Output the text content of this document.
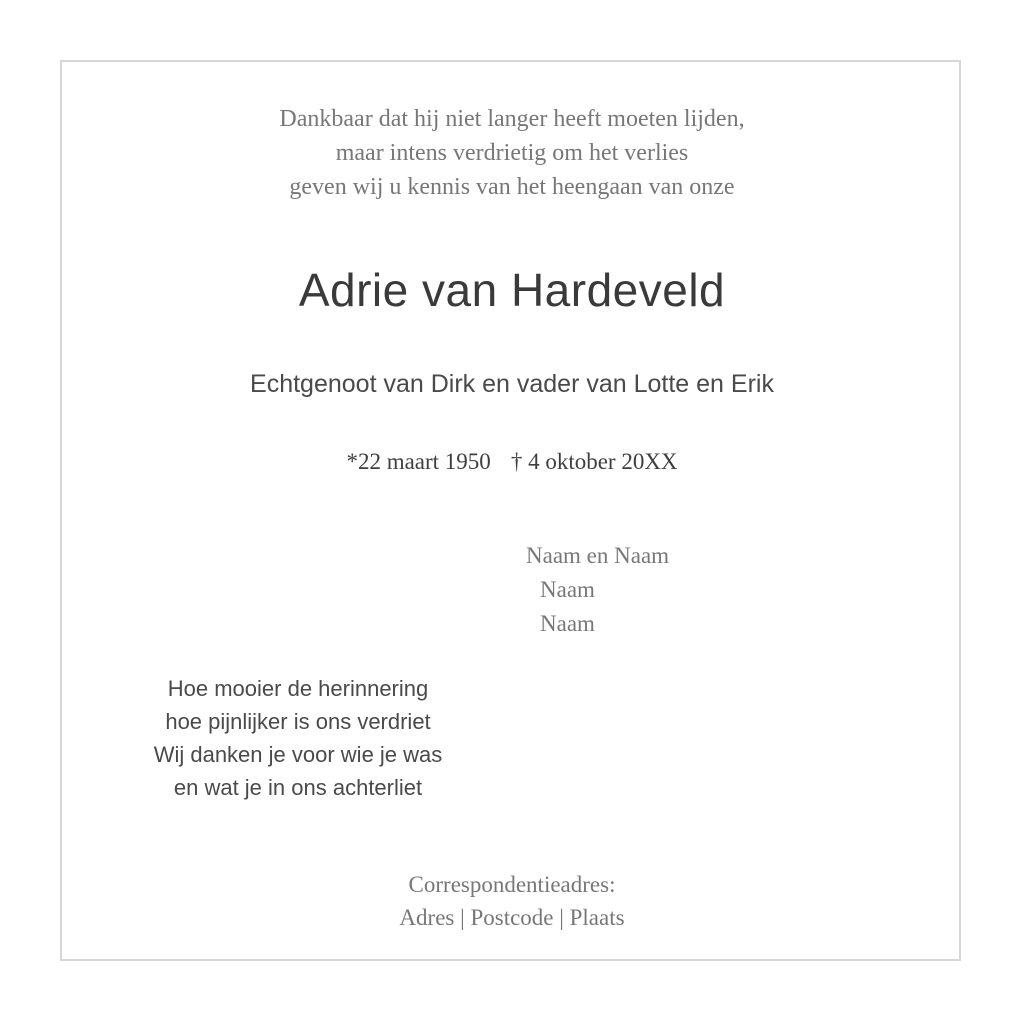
Dankbaar dat hij niet langer heeft moeten lijden,
maar intens verdrietig om het verlies
geven wij u kennis van het heengaan van onze
Adrie van Hardeveld
Echtgenoot van Dirk en vader van Lotte en Erik
*22 maart 1950 † 4 oktober 20XX
Naam en Naam
Naam
Naam
Hoe mooier de herinnering
hoe pijnlijker is ons verdriet
Wij danken je voor wie je was
en wat je in ons achterliet
Correspondentieadres:
Adres | Postcode | Plaats
